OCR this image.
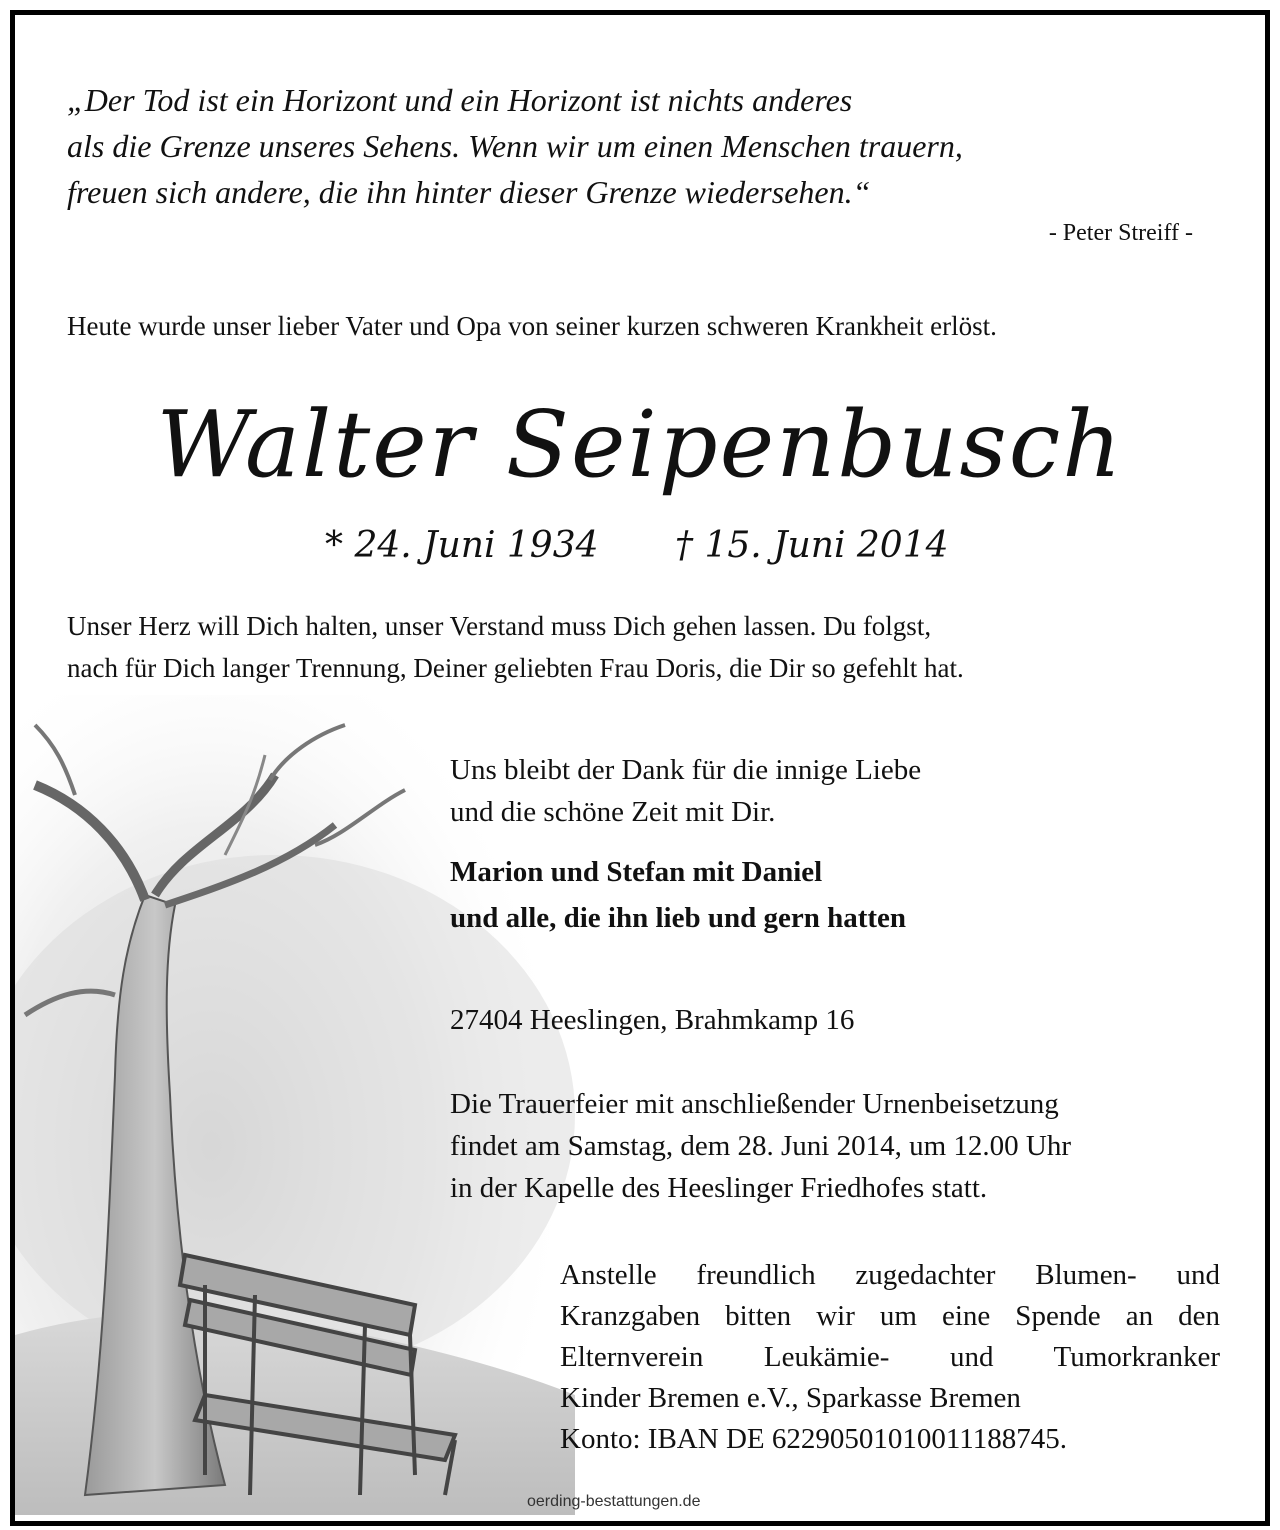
„Der Tod ist ein Horizont und ein Horizont ist nichts anderes
als die Grenze unseres Sehens. Wenn wir um einen Menschen trauern,
freuen sich andere, die ihn hinter dieser Grenze wiedersehen.“
- Peter Streiff -
Heute wurde unser lieber Vater und Opa von seiner kurzen schweren Krankheit erlöst.
Walter Seipenbusch
* 24. Juni 1934 † 15. Juni 2014
Unser Herz will Dich halten, unser Verstand muss Dich gehen lassen. Du folgst,
nach für Dich langer Trennung, Deiner geliebten Frau Doris, die Dir so gefehlt hat.
Uns bleibt der Dank für die innige Liebe
und die schöne Zeit mit Dir.
Marion und Stefan mit Daniel
und alle, die ihn lieb und gern hatten
27404 Heeslingen, Brahmkamp 16
Die Trauerfeier mit anschließender Urnenbeisetzung
findet am Samstag, dem 28. Juni 2014, um 12.00 Uhr
in der Kapelle des Heeslinger Friedhofes statt.
Anstelle freundlich zugedachter Blumen- und
Kranzgaben bitten wir um eine Spende an den
Elternverein Leukämie- und Tumorkranker
Kinder Bremen e.V., Sparkasse Bremen
Konto: IBAN DE 62290501010011188745.
oerding-bestattungen.de
